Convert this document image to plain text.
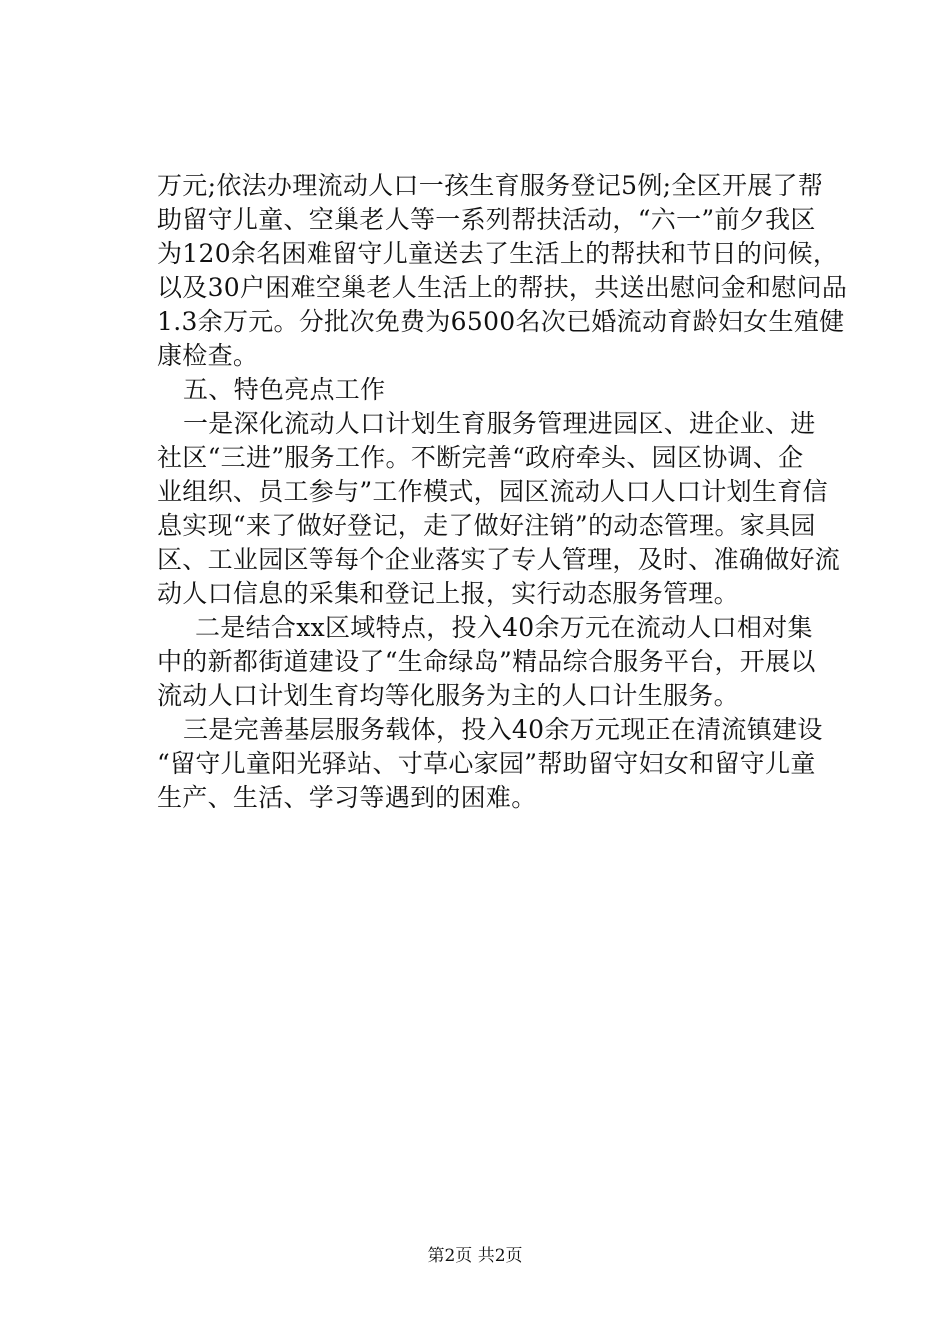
万元;依法办理流动人口一孩生育服务登记5例;全区开展了帮
助留守儿童、空巢老人等一系列帮扶活动，“六一”前夕我区
为120余名困难留守儿童送去了生活上的帮扶和节日的问候，
以及30户困难空巢老人生活上的帮扶，共送出慰问金和慰问品
1.3余万元。分批次免费为6500名次已婚流动育龄妇女生殖健
康检查。
五、特色亮点工作
一是深化流动人口计划生育服务管理进园区、进企业、进
社区“三进”服务工作。不断完善“政府牵头、园区协调、企
业组织、员工参与”工作模式，园区流动人口人口计划生育信
息实现“来了做好登记，走了做好注销”的动态管理。家具园
区、工业园区等每个企业落实了专人管理，及时、准确做好流
动人口信息的采集和登记上报，实行动态服务管理。
二是结合xx区域特点，投入40余万元在流动人口相对集
中的新都街道建设了“生命绿岛”精品综合服务平台，开展以
流动人口计划生育均等化服务为主的人口计生服务。
三是完善基层服务载体，投入40余万元现正在清流镇建设
“留守儿童阳光驿站、寸草心家园”帮助留守妇女和留守儿童
生产、生活、学习等遇到的困难。
第2页 共2页
